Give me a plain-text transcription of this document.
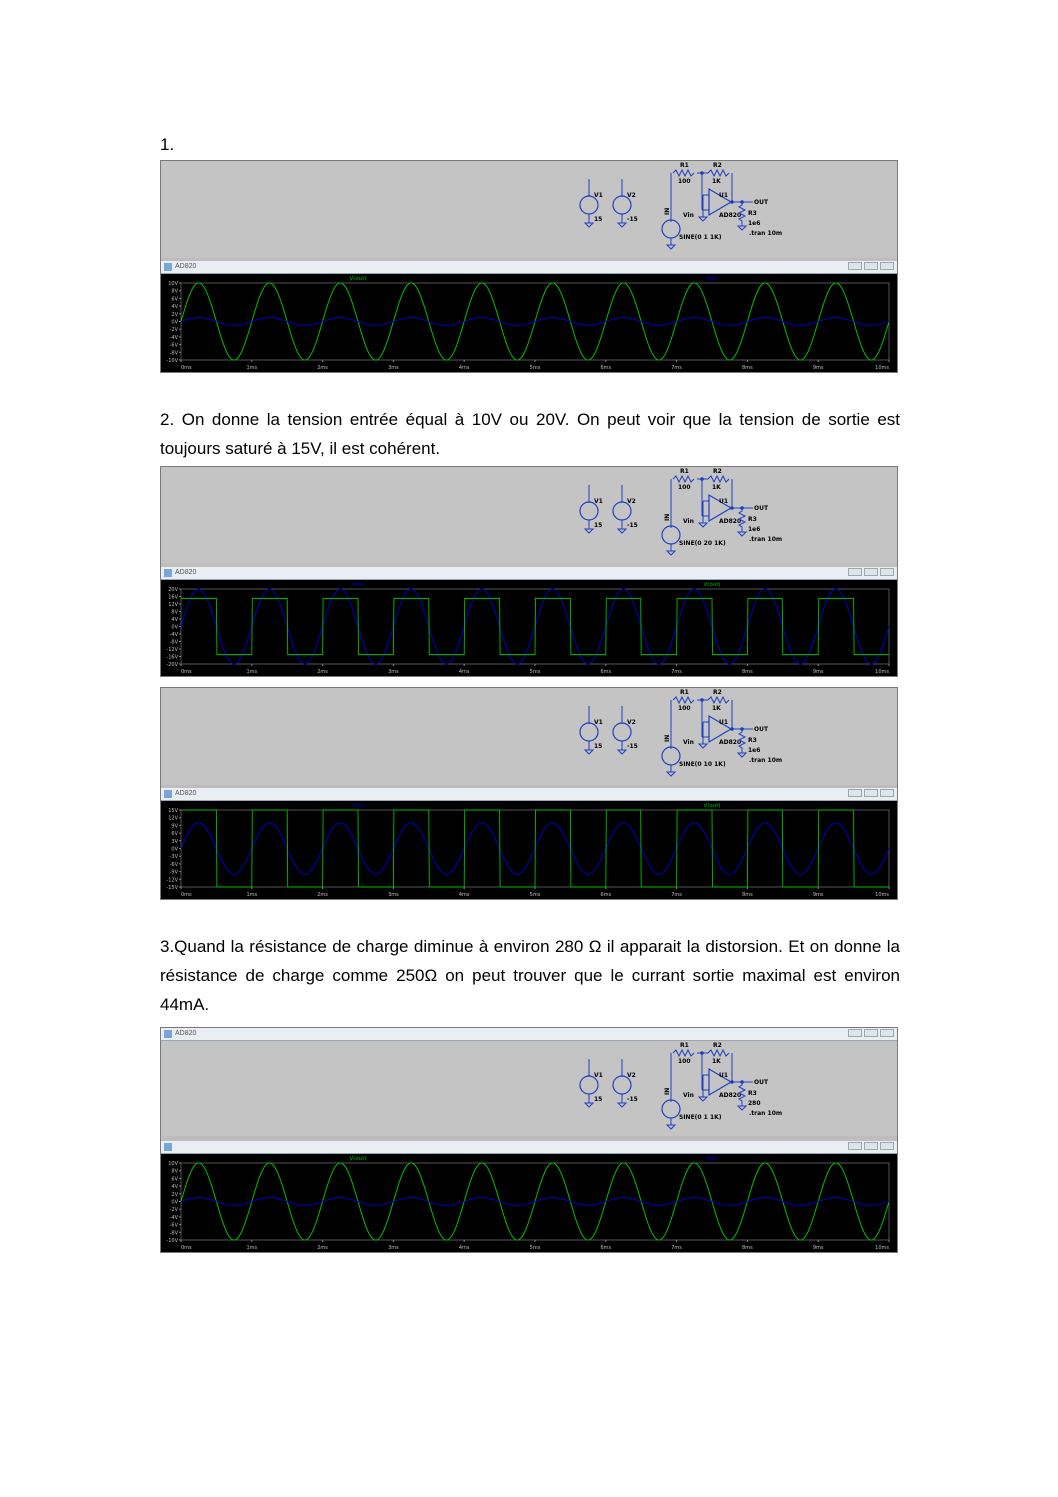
1.
V1
15
V2
-15
IN
Vin
SINE(0 1 1K)
R1
100
R2
1K
U1
AD820
OUT
R3
1e6
.tran 10m
AD820
10V
8V
6V
4V
2V
0V
-2V
-4V
-6V
-8V
-10V
0ms	1ms	2ms	3ms	4ms	5ms	6ms	7ms	8ms	9ms	10ms
V(out)	V(in)
2. On donne la tension entrée équal à 10V ou 20V. On peut voir que la tension de sortie est toujours saturé à 15V, il est cohérent.
V1
15
V2
-15
IN
Vin
SINE(0 20 1K)
R1
100
R2
1K
U1
AD820
OUT
R3
1e6
.tran 10m
AD820
20V
16V
12V
8V
4V
0V
-4V
-8V
-12V
-16V
-20V
0ms	1ms	2ms	3ms	4ms	5ms	6ms	7ms	8ms	9ms	10ms
V(in)	V(out)
V1
15
V2
-15
IN
Vin
SINE(0 10 1K)
R1
100
R2
1K
U1
AD820
OUT
R3
1e6
.tran 10m
AD820
15V
12V
9V
6V
3V
0V
-3V
-6V
-9V
-12V
-15V
0ms	1ms	2ms	3ms	4ms	5ms	6ms	7ms	8ms	9ms	10ms
V(in)	V(out)
3.Quand la résistance de charge diminue à environ 280 Ω il apparait la distorsion. Et on donne la résistance de charge comme 250Ω on peut trouver que le currant sortie maximal est environ 44mA.
AD820
V1
15
V2
-15
IN
Vin
SINE(0 1 1K)
R1
100
R2
1K
U1
AD820
OUT
R3
280
.tran 10m
10V
8V
6V
4V
2V
0V
-2V
-4V
-6V
-8V
-10V
0ms	1ms	2ms	3ms	4ms	5ms	6ms	7ms	8ms	9ms	10ms
V(out)	V(in)
